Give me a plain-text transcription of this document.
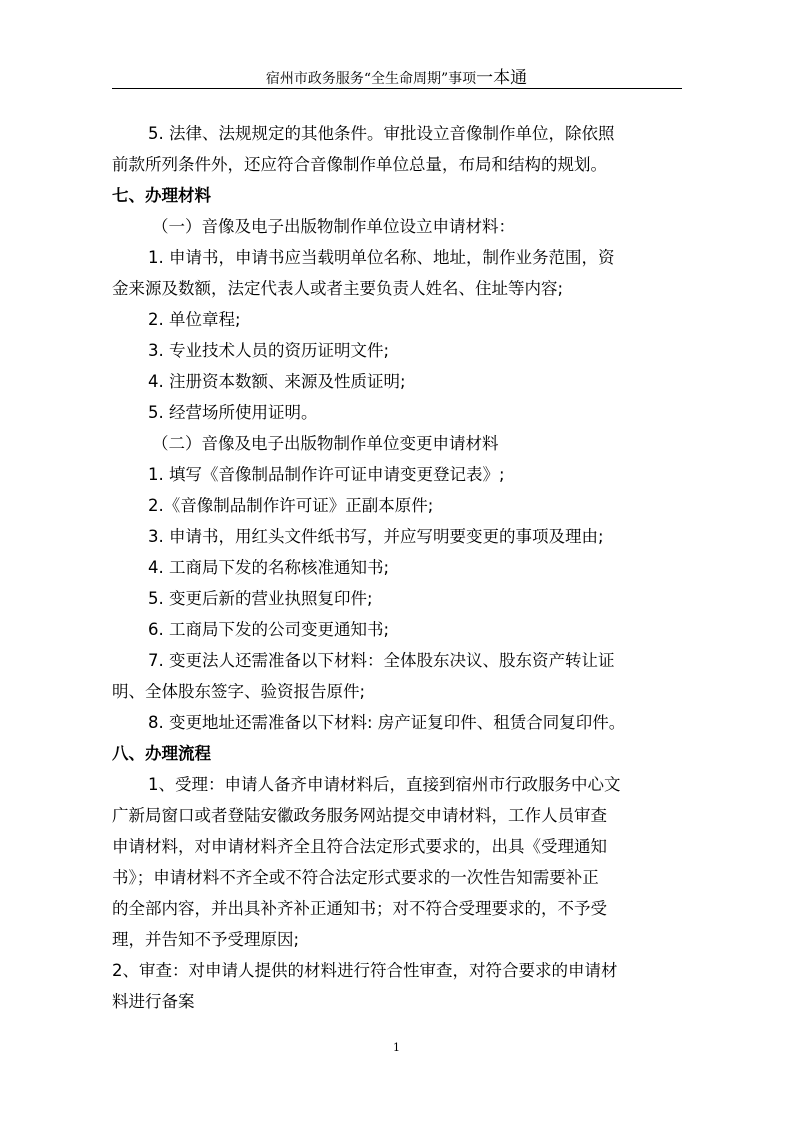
宿州市政务服务“全生命周期”事项一本通
5. 法律、法规规定的其他条件。审批设立音像制作单位，除依照
前款所列条件外，还应符合音像制作单位总量，布局和结构的规划。
七、办理材料
（一）音像及电子出版物制作单位设立申请材料：
1. 申请书，申请书应当载明单位名称、地址，制作业务范围，资
金来源及数额，法定代表人或者主要负责人姓名、住址等内容;
2. 单位章程;
3. 专业技术人员的资历证明文件;
4. 注册资本数额、来源及性质证明;
5. 经营场所使用证明。
（二）音像及电子出版物制作单位变更申请材料
1. 填写《音像制品制作许可证申请变更登记表》;
2.《音像制品制作许可证》正副本原件;
3. 申请书，用红头文件纸书写，并应写明要变更的事项及理由;
4. 工商局下发的名称核准通知书;
5. 变更后新的营业执照复印件;
6. 工商局下发的公司变更通知书;
7. 变更法人还需准备以下材料：全体股东决议、股东资产转让证
明、全体股东签字、验资报告原件;
8. 变更地址还需准备以下材料: 房产证复印件、租赁合同复印件。
八、办理流程
1、受理：申请人备齐申请材料后，直接到宿州市行政服务中心文
广新局窗口或者登陆安徽政务服务网站提交申请材料，工作人员审查
申请材料，对申请材料齐全且符合法定形式要求的，出具《受理通知
书》；申请材料不齐全或不符合法定形式要求的一次性告知需要补正
的全部内容，并出具补齐补正通知书；对不符合受理要求的，不予受
理，并告知不予受理原因;
2、审查：对申请人提供的材料进行符合性审查，对符合要求的申请材
料进行备案
1
